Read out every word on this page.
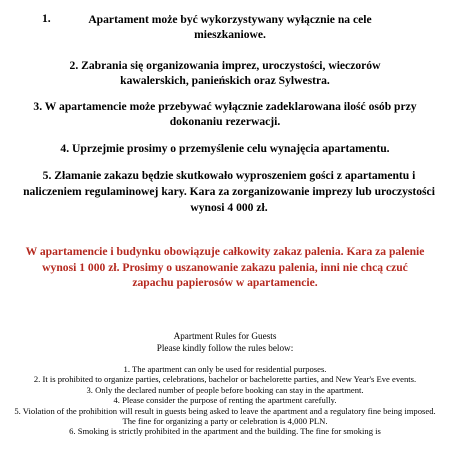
1.	Apartament może być wykorzystywany wyłącznie na cele mieszkaniowe.

2. Zabrania się organizowania imprez, uroczystości, wieczorów kawalerskich, panieńskich oraz Sylwestra.

3. W apartamencie może przebywać wyłącznie zadeklarowana ilość osób przy dokonaniu rezerwacji.

4. Uprzejmie prosimy o przemyślenie celu wynajęcia apartamentu.

5. Złamanie zakazu będzie skutkowało wyproszeniem gości z apartamentu i naliczeniem regulaminowej kary. Kara za zorganizowanie imprezy lub uroczystości wynosi 4 000 zł.

W apartamencie i budynku obowiązuje całkowity zakaz palenia. Kara za palenie wynosi 1 000 zł. Prosimy o uszanowanie zakazu palenia, inni nie chcą czuć zapachu papierosów w apartamencie.

Apartment Rules for Guests

Please kindly follow the rules below:

1. The apartment can only be used for residential purposes.
2. It is prohibited to organize parties, celebrations, bachelor or bachelorette parties, and New Year's Eve events.
3. Only the declared number of people before booking can stay in the apartment.
4. Please consider the purpose of renting the apartment carefully.
5. Violation of the prohibition will result in guests being asked to leave the apartment and a regulatory fine being imposed. The fine for organizing a party or celebration is 4,000 PLN.
6. Smoking is strictly prohibited in the apartment and the building. The fine for smoking is
